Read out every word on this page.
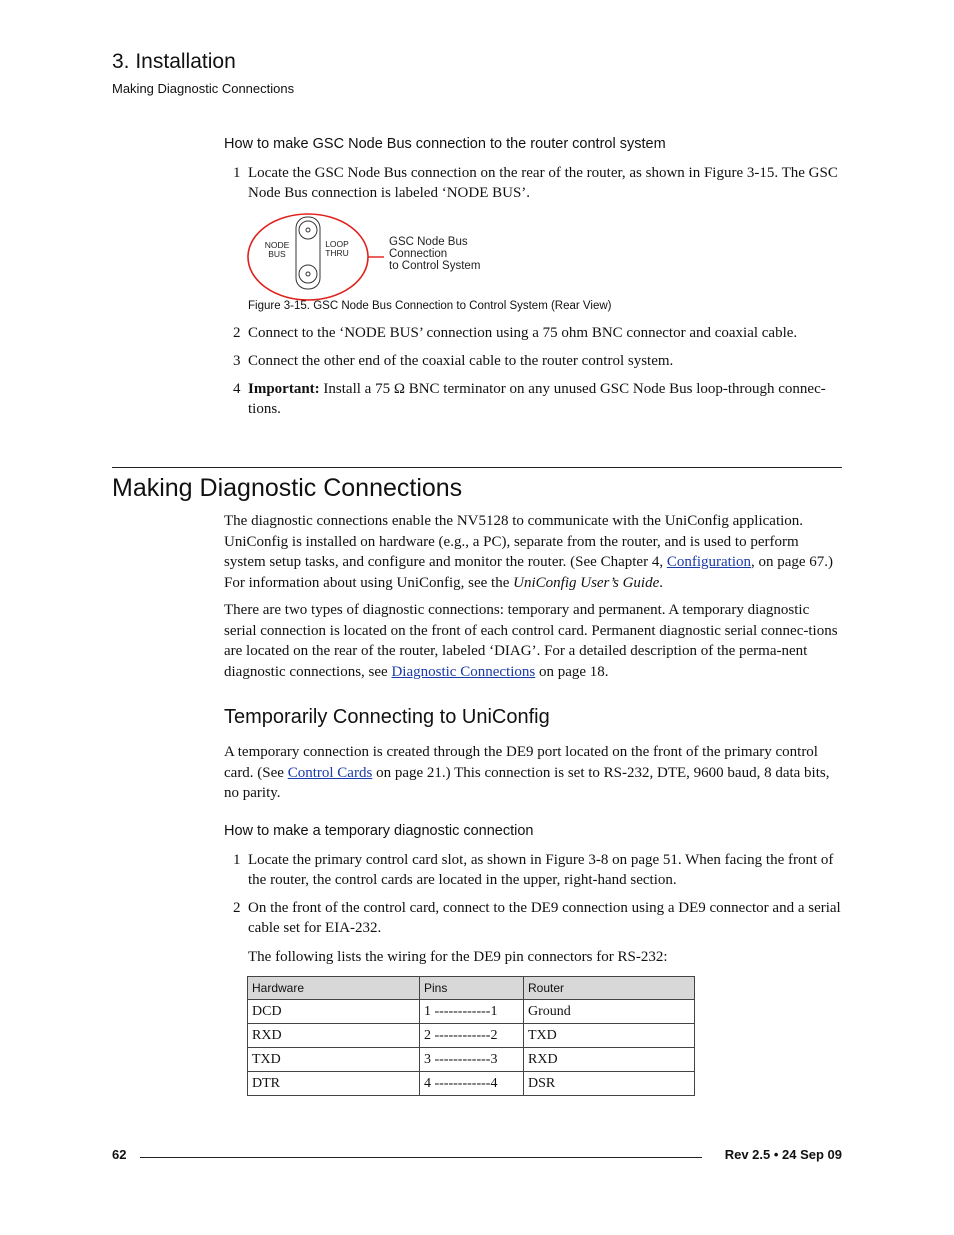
3. Installation
Making Diagnostic Connections
How to make GSC Node Bus connection to the router control system
1 Locate the GSC Node Bus connection on the rear of the router, as shown in Figure 3-15. The GSC Node Bus connection is labeled ‘NODE BUS’.
NODE
BUS
LOOP
THRU
GSC Node Bus
Connection
to Control System
Figure 3-15. GSC Node Bus Connection to Control System (Rear View)
2 Connect to the ‘NODE BUS’ connection using a 75 ohm BNC connector and coaxial cable.
3 Connect the other end of the coaxial cable to the router control system.
4 Important: Install a 75 Ω BNC terminator on any unused GSC Node Bus loop-through connec-tions.
Making Diagnostic Connections
The diagnostic connections enable the NV5128 to communicate with the UniConfig application. UniConfig is installed on hardware (e.g., a PC), separate from the router, and is used to perform system setup tasks, and configure and monitor the router. (See Chapter 4, Configuration, on page 67.) For information about using UniConfig, see the UniConfig User’s Guide.
There are two types of diagnostic connections: temporary and permanent. A temporary diagnostic serial connection is located on the front of each control card. Permanent diagnostic serial connec-tions are located on the rear of the router, labeled ‘DIAG’. For a detailed description of the perma-nent diagnostic connections, see Diagnostic Connections on page 18.
Temporarily Connecting to UniConfig
A temporary connection is created through the DE9 port located on the front of the primary control card. (See Control Cards on page 21.) This connection is set to RS-232, DTE, 9600 baud, 8 data bits, no parity.
How to make a temporary diagnostic connection
1 Locate the primary control card slot, as shown in Figure 3-8 on page 51. When facing the front of the router, the control cards are located in the upper, right-hand section.
2 On the front of the control card, connect to the DE9 connection using a DE9 connector and a serial cable set for EIA-232.
The following lists the wiring for the DE9 pin connectors for RS-232:
Hardware	Pins	Router
DCD	1 ------------1	Ground
RXD	2 ------------2	TXD
TXD	3 ------------3	RXD
DTR	4 ------------4	DSR
62	Rev 2.5 • 24 Sep 09
